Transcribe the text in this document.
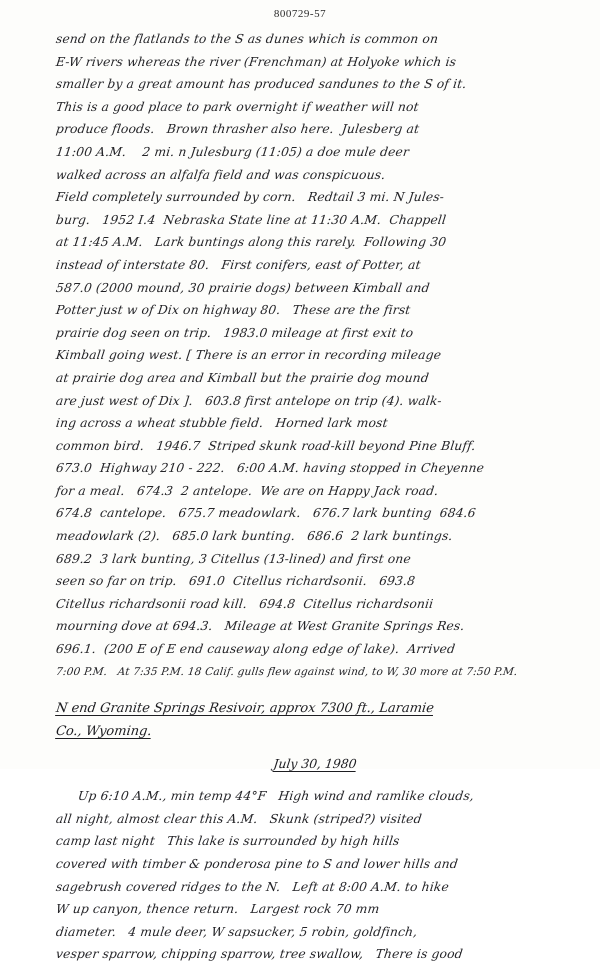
800729-57
send on the flatlands to the S as dunes which is common on
E-W rivers whereas the river (Frenchman) at Holyoke which is
smaller by a great amount has produced sandunes to the S of it.
This is a good place to park overnight if weather will not
produce floods.   Brown thrasher also here.  Julesberg at
11:00 A.M.    2 mi. n Julesburg (11:05) a doe mule deer
walked across an alfalfa field and was conspicuous.
Field completely surrounded by corn.   Redtail 3 mi. N Jules-
burg.   1952 I.4  Nebraska State line at 11:30 A.M.  Chappell
at 11:45 A.M.   Lark buntings along this rarely.  Following 30
instead of interstate 80.   First conifers, east of Potter, at
587.0 (2000 mound, 30 prairie dogs) between Kimball and
Potter just w of Dix on highway 80.   These are the first
prairie dog seen on trip.   1983.0 mileage at first exit to
Kimball going west. [ There is an error in recording mileage
at prairie dog area and Kimball but the prairie dog mound
are just west of Dix ].   603.8 first antelope on trip (4). walk-
ing across a wheat stubble field.   Horned lark most
common bird.   1946.7  Striped skunk road-kill beyond Pine Bluff.
673.0  Highway 210 - 222.   6:00 A.M. having stopped in Cheyenne
for a meal.   674.3  2 antelope.  We are on Happy Jack road.
674.8  cantelope.   675.7 meadowlark.   676.7 lark bunting  684.6
meadowlark (2).   685.0 lark bunting.   686.6  2 lark buntings.
689.2  3 lark bunting, 3 Citellus (13-lined) and first one
seen so far on trip.   691.0  Citellus richardsonii.   693.8
Citellus richardsonii road kill.   694.8  Citellus richardsonii
mourning dove at 694.3.   Mileage at West Granite Springs Res.
696.1.  (200 E of E end causeway along edge of lake).  Arrived
7:00 P.M.   At 7:35 P.M. 18 Calif. gulls flew against wind, to W, 30 more at 7:50 P.M.
N end Granite Springs Resivoir, approx 7300 ft., Laramie
Co., Wyoming.
July 30, 1980
Up 6:10 A.M., min temp 44°F   High wind and ramlike clouds,
all night, almost clear this A.M.   Skunk (striped?) visited
camp last night   This lake is surrounded by high hills
covered with timber & ponderosa pine to S and lower hills and
sagebrush covered ridges to the N.   Left at 8:00 A.M. to hike
W up canyon, thence return.   Largest rock 70 mm
diameter.   4 mule deer, W sapsucker, 5 robin, goldfinch,
vesper sparrow, chipping sparrow, tree swallow,   There is good
